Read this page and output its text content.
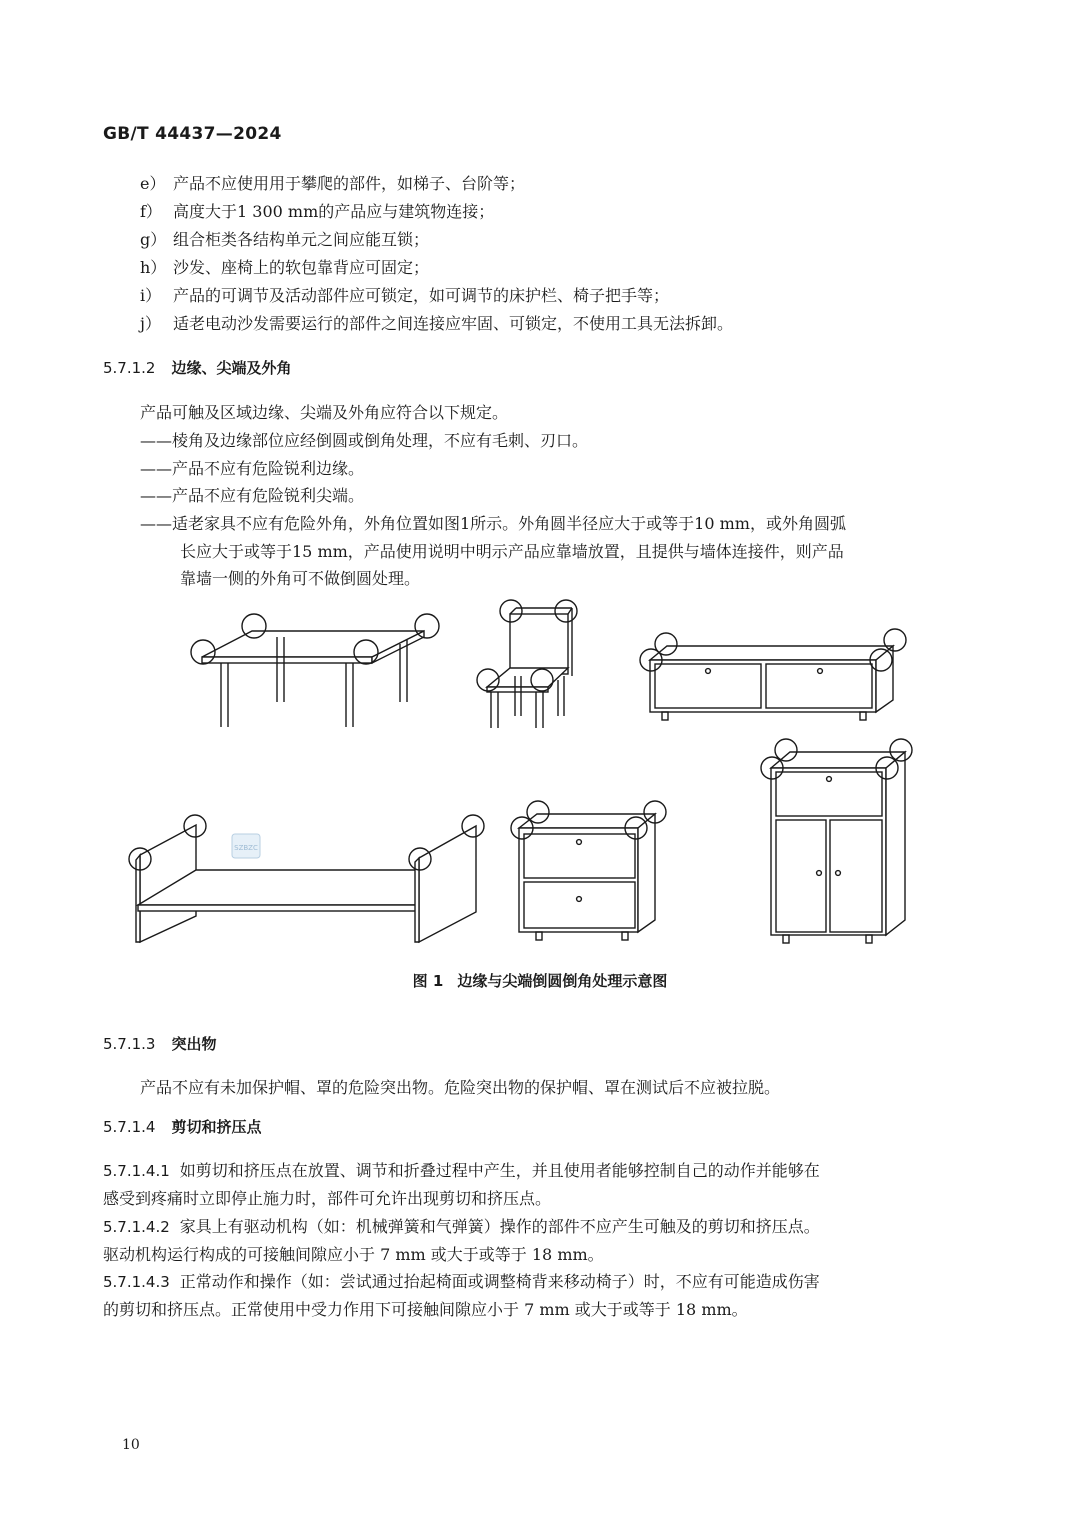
GB/T 44437—2024
e） 产品不应使用用于攀爬的部件，如梯子、台阶等；
f） 高度大于1 300 mm的产品应与建筑物连接；
g） 组合柜类各结构单元之间应能互锁；
h） 沙发、座椅上的软包靠背应可固定；
i） 产品的可调节及活动部件应可锁定，如可调节的床护栏、椅子把手等；
j） 适老电动沙发需要运行的部件之间连接应牢固、可锁定，不使用工具无法拆卸。
5.7.1.2 边缘、尖端及外角
产品可触及区域边缘、尖端及外角应符合以下规定。
——棱角及边缘部位应经倒圆或倒角处理，不应有毛刺、刃口。
——产品不应有危险锐利边缘。
——产品不应有危险锐利尖端。
——适老家具不应有危险外角，外角位置如图1所示。外角圆半径应大于或等于10 mm，或外角圆弧
长应大于或等于15 mm，产品使用说明中明示产品应靠墙放置，且提供与墙体连接件，则产品
靠墙一侧的外角可不做倒圆处理。
SZBZC
图 1 边缘与尖端倒圆倒角处理示意图
5.7.1.3 突出物
产品不应有未加保护帽、罩的危险突出物。危险突出物的保护帽、罩在测试后不应被拉脱。
5.7.1.4 剪切和挤压点
5.7.1.4.1 如剪切和挤压点在放置、调节和折叠过程中产生，并且使用者能够控制自己的动作并能够在
感受到疼痛时立即停止施力时，部件可允许出现剪切和挤压点。
5.7.1.4.2 家具上有驱动机构（如：机械弹簧和气弹簧）操作的部件不应产生可触及的剪切和挤压点。
驱动机构运行构成的可接触间隙应小于 7 mm 或大于或等于 18 mm。
5.7.1.4.3 正常动作和操作（如：尝试通过抬起椅面或调整椅背来移动椅子）时，不应有可能造成伤害
的剪切和挤压点。正常使用中受力作用下可接触间隙应小于 7 mm 或大于或等于 18 mm。
10
